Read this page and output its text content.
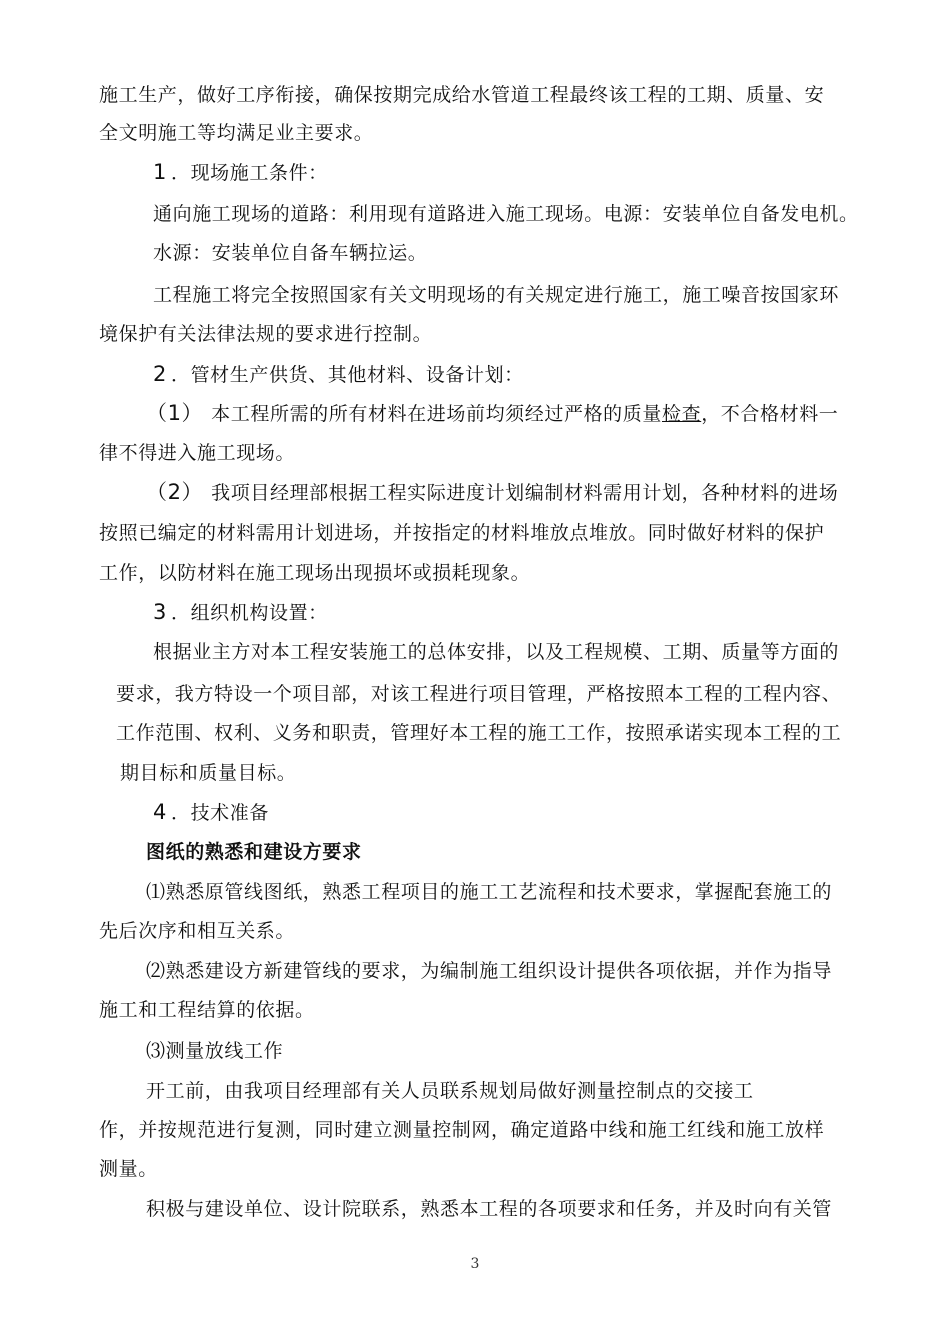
施工生产，做好工序衔接，确保按期完成给水管道工程最终该工程的工期、质量、安
全文明施工等均满足业主要求。
1 ．现场施工条件：
通向施工现场的道路：利用现有道路进入施工现场。电源：安装单位自备发电机。
水源：安装单位自备车辆拉运。
工程施工将完全按照国家有关文明现场的有关规定进行施工，施工噪音按国家环
境保护有关法律法规的要求进行控制。
2 ．管材生产供货、其他材料、设备计划：
（1） 本工程所需的所有材料在进场前均须经过严格的质量检查，不合格材料一
律不得进入施工现场。
（2） 我项目经理部根据工程实际进度计划编制材料需用计划，各种材料的进场
按照已编定的材料需用计划进场，并按指定的材料堆放点堆放。同时做好材料的保护
工作，以防材料在施工现场出现损坏或损耗现象。
3 ．组织机构设置：
根据业主方对本工程安装施工的总体安排，以及工程规模、工期、质量等方面的
要求，我方特设一个项目部，对该工程进行项目管理，严格按照本工程的工程内容、
工作范围、权利、义务和职责，管理好本工程的施工工作，按照承诺实现本工程的工
期目标和质量目标。
4 ．技术准备
图纸的熟悉和建设方要求
⑴熟悉原管线图纸，熟悉工程项目的施工工艺流程和技术要求，掌握配套施工的
先后次序和相互关系。
⑵熟悉建设方新建管线的要求，为编制施工组织设计提供各项依据，并作为指导
施工和工程结算的依据。
⑶测量放线工作
开工前，由我项目经理部有关人员联系规划局做好测量控制点的交接工
作，并按规范进行复测，同时建立测量控制网，确定道路中线和施工红线和施工放样
测量。
积极与建设单位、设计院联系，熟悉本工程的各项要求和任务，并及时向有关管
3
